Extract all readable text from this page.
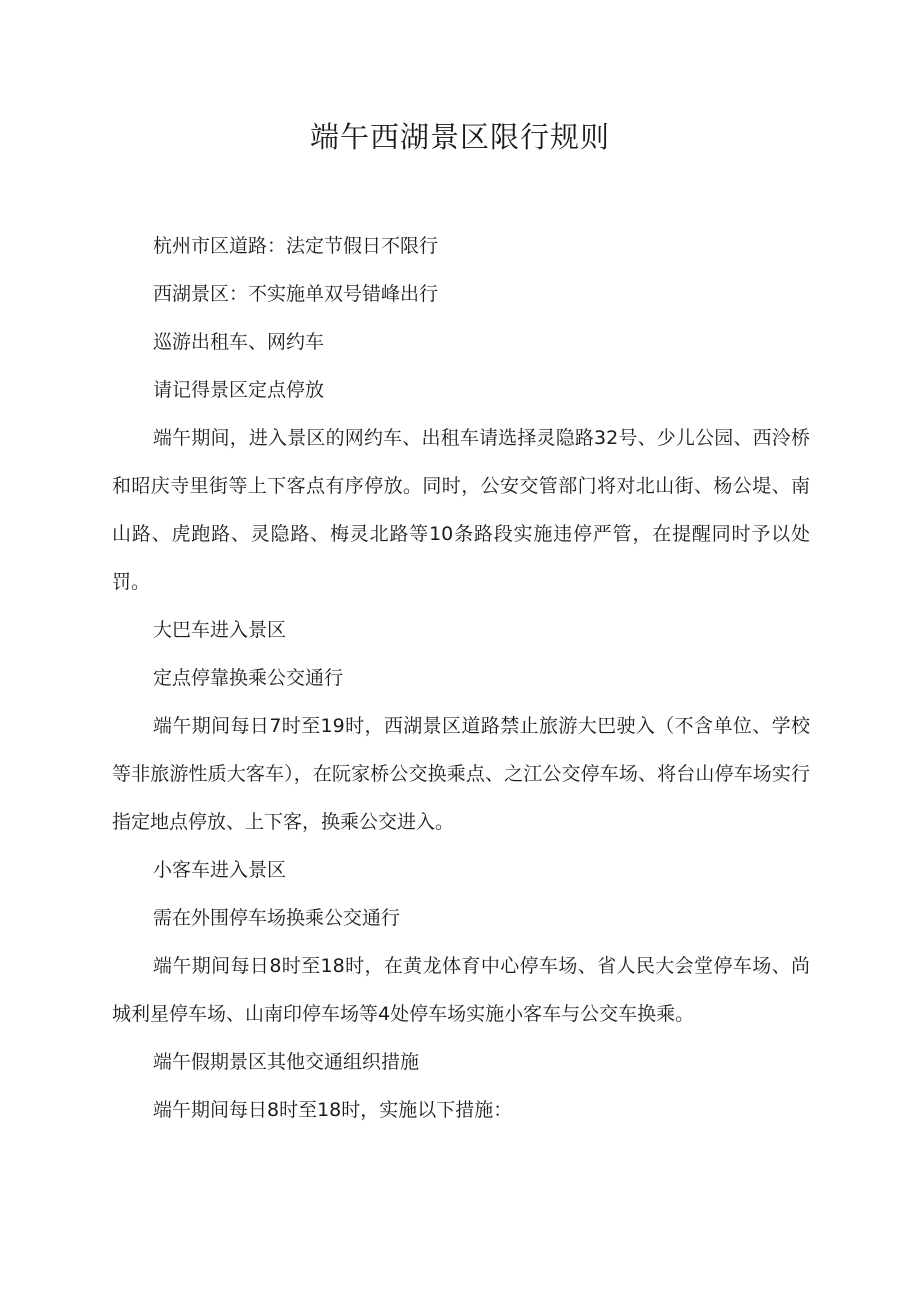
端午西湖景区限行规则

杭州市区道路：法定节假日不限行

西湖景区：不实施单双号错峰出行

巡游出租车、网约车

请记得景区定点停放

端午期间，进入景区的网约车、出租车请选择灵隐路32号、少儿公园、西泠桥和昭庆寺里街等上下客点有序停放。同时，公安交管部门将对北山街、杨公堤、南山路、虎跑路、灵隐路、梅灵北路等10条路段实施违停严管，在提醒同时予以处罚。

大巴车进入景区

定点停靠换乘公交通行

端午期间每日7时至19时，西湖景区道路禁止旅游大巴驶入（不含单位、学校等非旅游性质大客车），在阮家桥公交换乘点、之江公交停车场、将台山停车场实行指定地点停放、上下客，换乘公交进入。

小客车进入景区

需在外围停车场换乘公交通行

端午期间每日8时至18时，在黄龙体育中心停车场、省人民大会堂停车场、尚城利星停车场、山南印停车场等4处停车场实施小客车与公交车换乘。

端午假期景区其他交通组织措施

端午期间每日8时至18时，实施以下措施：
